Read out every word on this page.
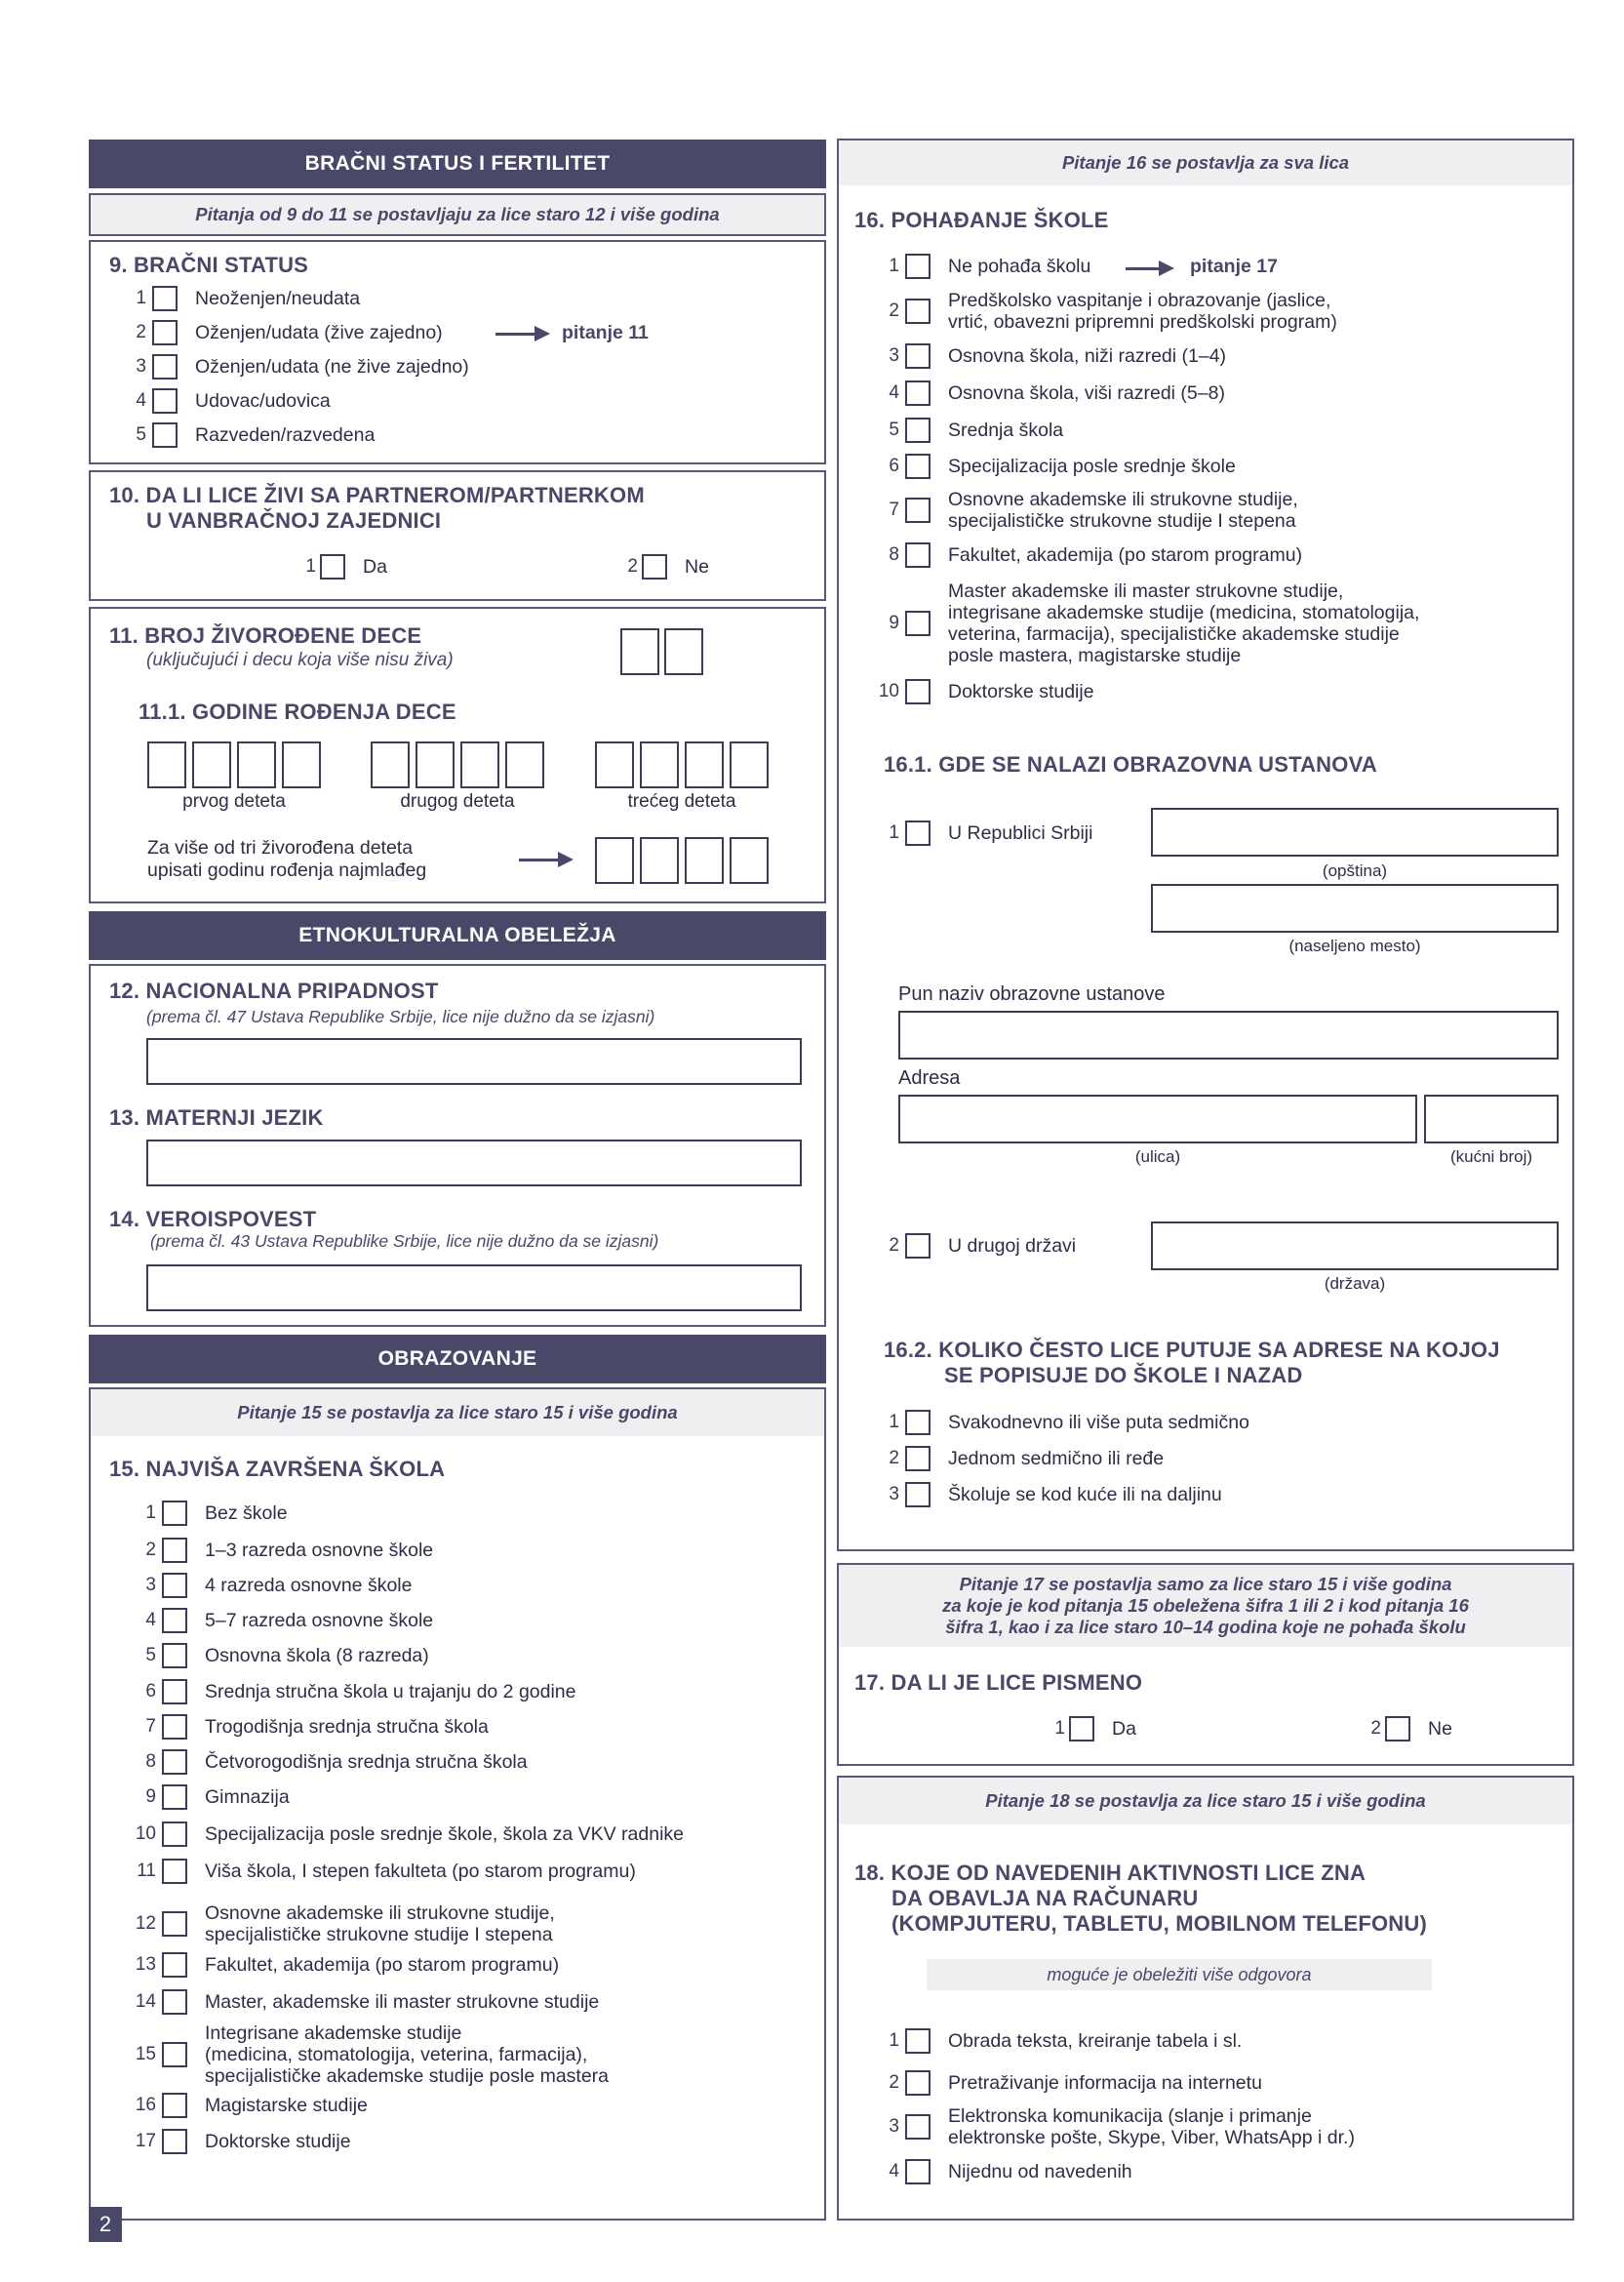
BRAČNI STATUS I FERTILITET
Pitanja od 9 do 11 se postavljaju za lice staro 12 i više godina
9. BRAČNI STATUS
1	Neoženjen/neudata
2	Oženjen/udata (žive zajedno)	pitanje 11
3	Oženjen/udata (ne žive zajedno)
4	Udovac/udovica
5	Razveden/razvedena
10. DA LI LICE ŽIVI SA PARTNEROM/PARTNERKOM
U VANBRAČNOJ ZAJEDNICI
1 Da	2 Ne
11. BROJ ŽIVOROĐENE DECE
(uključujući i decu koja više nisu živa)
11.1. GODINE ROĐENJA DECE
prvog deteta	drugog deteta	trećeg deteta
Za više od tri živorođena deteta
upisati godinu rođenja najmlađeg
ETNOKULTURALNA OBELEŽJA
12. NACIONALNA PRIPADNOST
(prema čl. 47 Ustava Republike Srbije, lice nije dužno da se izjasni)
13. MATERNJI JEZIK
14. VEROISPOVEST
(prema čl. 43 Ustava Republike Srbije, lice nije dužno da se izjasni)
OBRAZOVANJE
Pitanje 15 se postavlja za lice staro 15 i više godina
15. NAJVIŠA ZAVRŠENA ŠKOLA
1	Bez škole
2	1–3 razreda osnovne škole
3	4 razreda osnovne škole
4	5–7 razreda osnovne škole
5	Osnovna škola (8 razreda)
6	Srednja stručna škola u trajanju do 2 godine
7	Trogodišnja srednja stručna škola
8	Četvorogodišnja srednja stručna škola
9	Gimnazija
10	Specijalizacija posle srednje škole, škola za VKV radnike
11	Viša škola, I stepen fakulteta (po starom programu)
12	Osnovne akademske ili strukovne studije,
specijalističke strukovne studije I stepena
13	Fakultet, akademija (po starom programu)
14	Master, akademske ili master strukovne studije
15
Integrisane akademske studije
(medicina, stomatologija, veterina, farmacija),
specijalističke akademske studije posle mastera
16	Magistarske studije
17	Doktorske studije
2
Pitanje 16 se postavlja za sva lica
16. POHAĐANJE ŠKOLE
1	Ne pohađa školu	pitanje 17
2	Predškolsko vaspitanje i obrazovanje (jaslice,
vrtić, obavezni pripremni predškolski program)
3	Osnovna škola, niži razredi (1–4)
4	Osnovna škola, viši razredi (5–8)
5	Srednja škola
6	Specijalizacija posle srednje škole
7	Osnovne akademske ili strukovne studije,
specijalističke strukovne studije I stepena
8	Fakultet, akademija (po starom programu)
9
Master akademske ili master strukovne studije,
integrisane akademske studije (medicina, stomatologija,
veterina, farmacija), specijalističke akademske studije
posle mastera, magistarske studije
10	Doktorske studije
16.1. GDE SE NALAZI OBRAZOVNA USTANOVA
1	U Republici Srbiji
(opština)
(naseljeno mesto)
Pun naziv obrazovne ustanove
Adresa
(ulica)	(kućni broj)
2	U drugoj državi
(država)
16.2. KOLIKO ČESTO LICE PUTUJE SA ADRESE NA KOJOJ
SE POPISUJE DO ŠKOLE I NAZAD
1	Svakodnevno ili više puta sedmično
2	Jednom sedmično ili ređe
3	Školuje se kod kuće ili na daljinu
Pitanje 17 se postavlja samo za lice staro 15 i više godina
za koje je kod pitanja 15 obeležena šifra 1 ili 2 i kod pitanja 16
šifra 1, kao i za lice staro 10–14 godina koje ne pohađa školu
17. DA LI JE LICE PISMENO
1 Da	2 Ne
Pitanje 18 se postavlja za lice staro 15 i više godina
18. KOJE OD NAVEDENIH AKTIVNOSTI LICE ZNA
DA OBAVLJA NA RAČUNARU
(KOMPJUTERU, TABLETU, MOBILNOM TELEFONU)
moguće je obeležiti više odgovora
1	Obrada teksta, kreiranje tabela i sl.
2	Pretraživanje informacija na internetu
3	Elektronska komunikacija (slanje i primanje
elektronske pošte, Skype, Viber, WhatsApp i dr.)
4	Nijednu od navedenih
